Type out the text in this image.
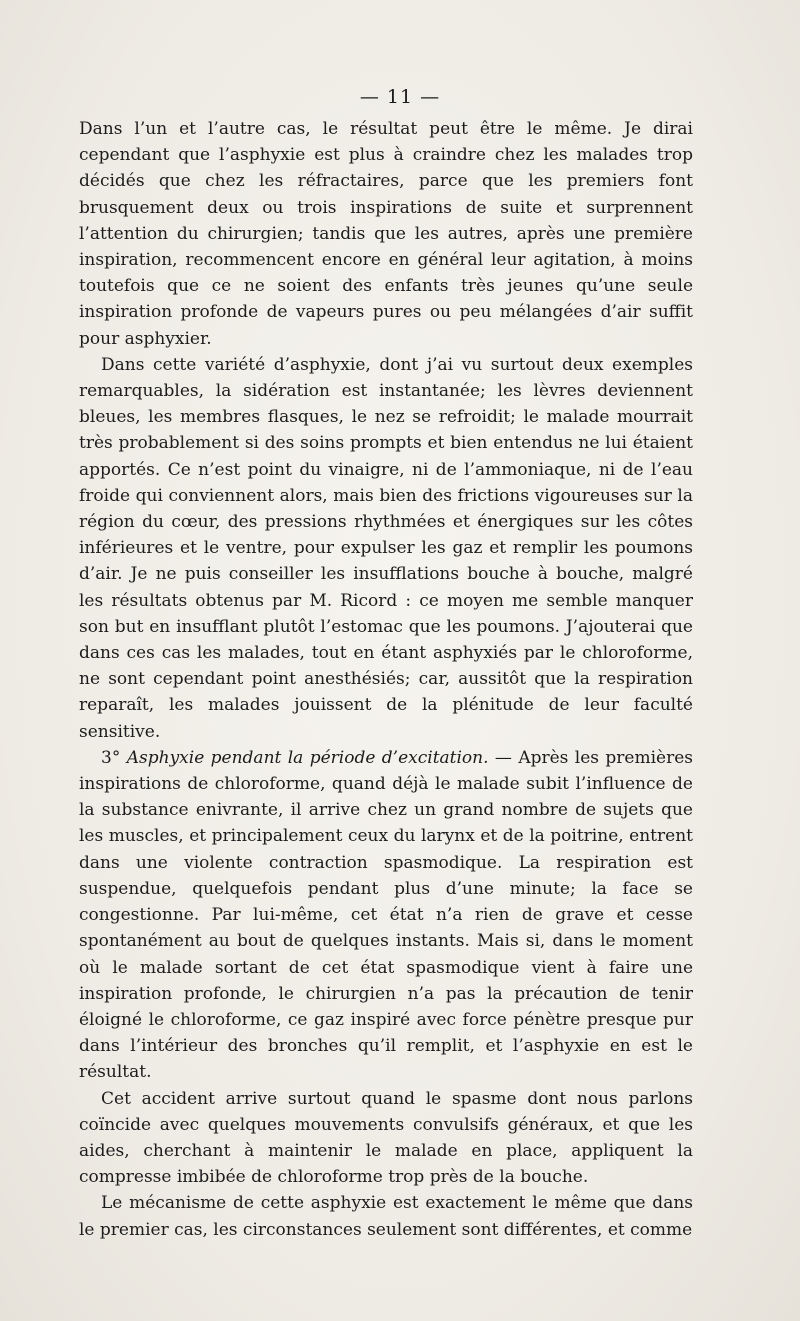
— 11 —

Dans l’un et l’autre cas, le résultat peut être le même. Je dirai cependant que l’asphyxie est plus à craindre chez les malades trop décidés que chez les réfractaires, parce que les premiers font brusquement deux ou trois inspirations de suite et surprennent l’attention du chirurgien; tandis que les autres, après une première inspiration, recommencent encore en général leur agitation, à moins toutefois que ce ne soient des enfants très jeunes qu’une seule inspiration profonde de vapeurs pures ou peu mélangées d’air suffit pour asphyxier.

Dans cette variété d’asphyxie, dont j’ai vu surtout deux exemples remarquables, la sidération est instantanée; les lèvres deviennent bleues, les membres flasques, le nez se refroidit; le malade mourrait très probablement si des soins prompts et bien entendus ne lui étaient apportés. Ce n’est point du vinaigre, ni de l’ammoniaque, ni de l’eau froide qui conviennent alors, mais bien des frictions vigoureuses sur la région du cœur, des pressions rhythmées et énergiques sur les côtes inférieures et le ventre, pour expulser les gaz et remplir les poumons d’air. Je ne puis conseiller les insufflations bouche à bouche, malgré les résultats obtenus par M. Ricord : ce moyen me semble manquer son but en insufflant plutôt l’estomac que les poumons. J’ajouterai que dans ces cas les malades, tout en étant asphyxiés par le chloroforme, ne sont cependant point anesthésiés; car, aussitôt que la respiration reparaît, les malades jouissent de la plénitude de leur faculté sensitive.

3° Asphyxie pendant la période d’excitation. — Après les premières inspirations de chloroforme, quand déjà le malade subit l’influence de la substance enivrante, il arrive chez un grand nombre de sujets que les muscles, et principalement ceux du larynx et de la poitrine, entrent dans une violente contraction spasmodique. La respiration est suspendue, quelquefois pendant plus d’une minute; la face se congestionne. Par lui-même, cet état n’a rien de grave et cesse spontanément au bout de quelques instants. Mais si, dans le moment où le malade sortant de cet état spasmodique vient à faire une inspiration profonde, le chirurgien n’a pas la précaution de tenir éloigné le chloroforme, ce gaz inspiré avec force pénètre presque pur dans l’intérieur des bronches qu’il remplit, et l’asphyxie en est le résultat.

Cet accident arrive surtout quand le spasme dont nous parlons coïncide avec quelques mouvements convulsifs généraux, et que les aides, cherchant à maintenir le malade en place, appliquent la compresse imbibée de chloroforme trop près de la bouche.

Le mécanisme de cette asphyxie est exactement le même que dans le premier cas, les circonstances seulement sont différentes, et comme
